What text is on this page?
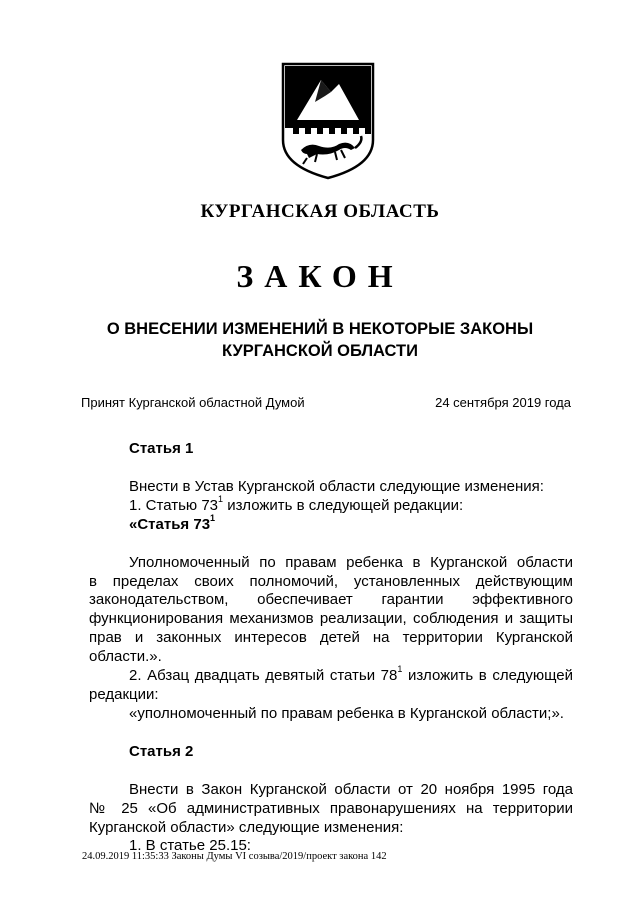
КУРГАНСКАЯ ОБЛАСТЬ
ЗАКОН
О ВНЕСЕНИИ ИЗМЕНЕНИЙ В НЕКОТОРЫЕ ЗАКОНЫ
КУРГАНСКОЙ ОБЛАСТИ
Принят Курганской областной Думой	24 сентября 2019 года

Статья 1

Внести в Устав Курганской области следующие изменения:

1. Статью $73^1$ изложить в следующей редакции:

«Статья $73^1$

Уполномоченный по правам ребенка в Курганской области

в пределах своих полномочий, установленных действующим

законодательством, обеспечивает гарантии эффективного

функционирования механизмов реализации, соблюдения и защиты

прав и законных интересов детей на территории Курганской

области.».

2. Абзац двадцать девятый статьи $78^1$ изложить в следующей

редакции:

«уполномоченный по правам ребенка в Курганской области;».

Статья 2

Внести в Закон Курганской области от 20 ноября 1995 года

№ 25 «Об административных правонарушениях на территории

Курганской области» следующие изменения:

1. В статье 25.15:

24.09.2019 11:35:33 Законы Думы VI созыва/2019/проект закона 142
